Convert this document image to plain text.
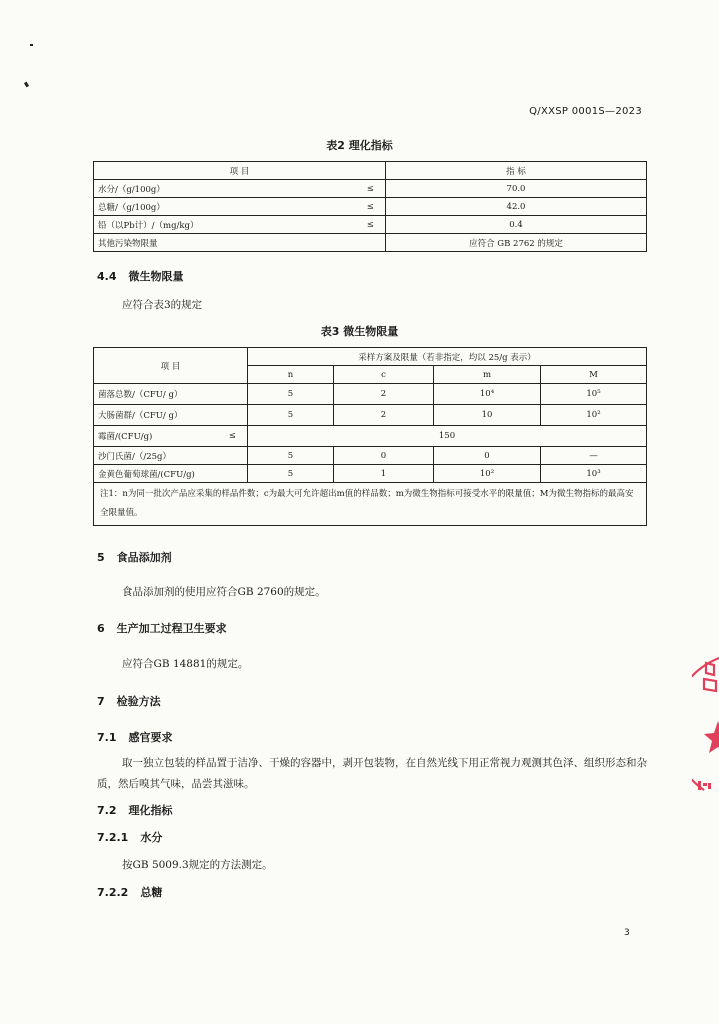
Q/XXSP 0001S—2023
表2 理化指标
项 目		指 标
水分/（g/100g）	≤	70.0
总糖/（g/100g）	≤	42.0
铅（以Pb计）/（mg/kg）	≤	0.4
其他污染物限量		应符合 GB 2762 的规定
4.4 微生物限量
应符合表3的规定
表3 微生物限量
项 目		采样方案及限量（若非指定，均以 25/g 表示）			
		n	c	m	M
菌落总数/（CFU/ g）		5	2	10⁴	10⁵
大肠菌群/（CFU/ g）		5	2	10	10²
霉菌/(CFU/g)	≤	150			
沙门氏菌/（/25g）		5	0	0	—
金黄色葡萄球菌/(CFU/g)		5	1	10²	10³
注1：n为同一批次产品应采集的样品件数；c为最大可允许超出m值的样品数；m为微生物指标可接受水平的限量值；M为微生物指标的最高安全限量值。					
5 食品添加剂
食品添加剂的使用应符合GB 2760的规定。
6 生产加工过程卫生要求
应符合GB 14881的规定。
7 检验方法
7.1 感官要求
取一独立包装的样品置于洁净、干燥的容器中，剥开包装物，在自然光线下用正常视力观测其色泽、组织形态和杂质，然后嗅其气味，品尝其滋味。
7.2 理化指标
7.2.1 水分
按GB 5009.3规定的方法测定。
7.2.2 总糖
3
